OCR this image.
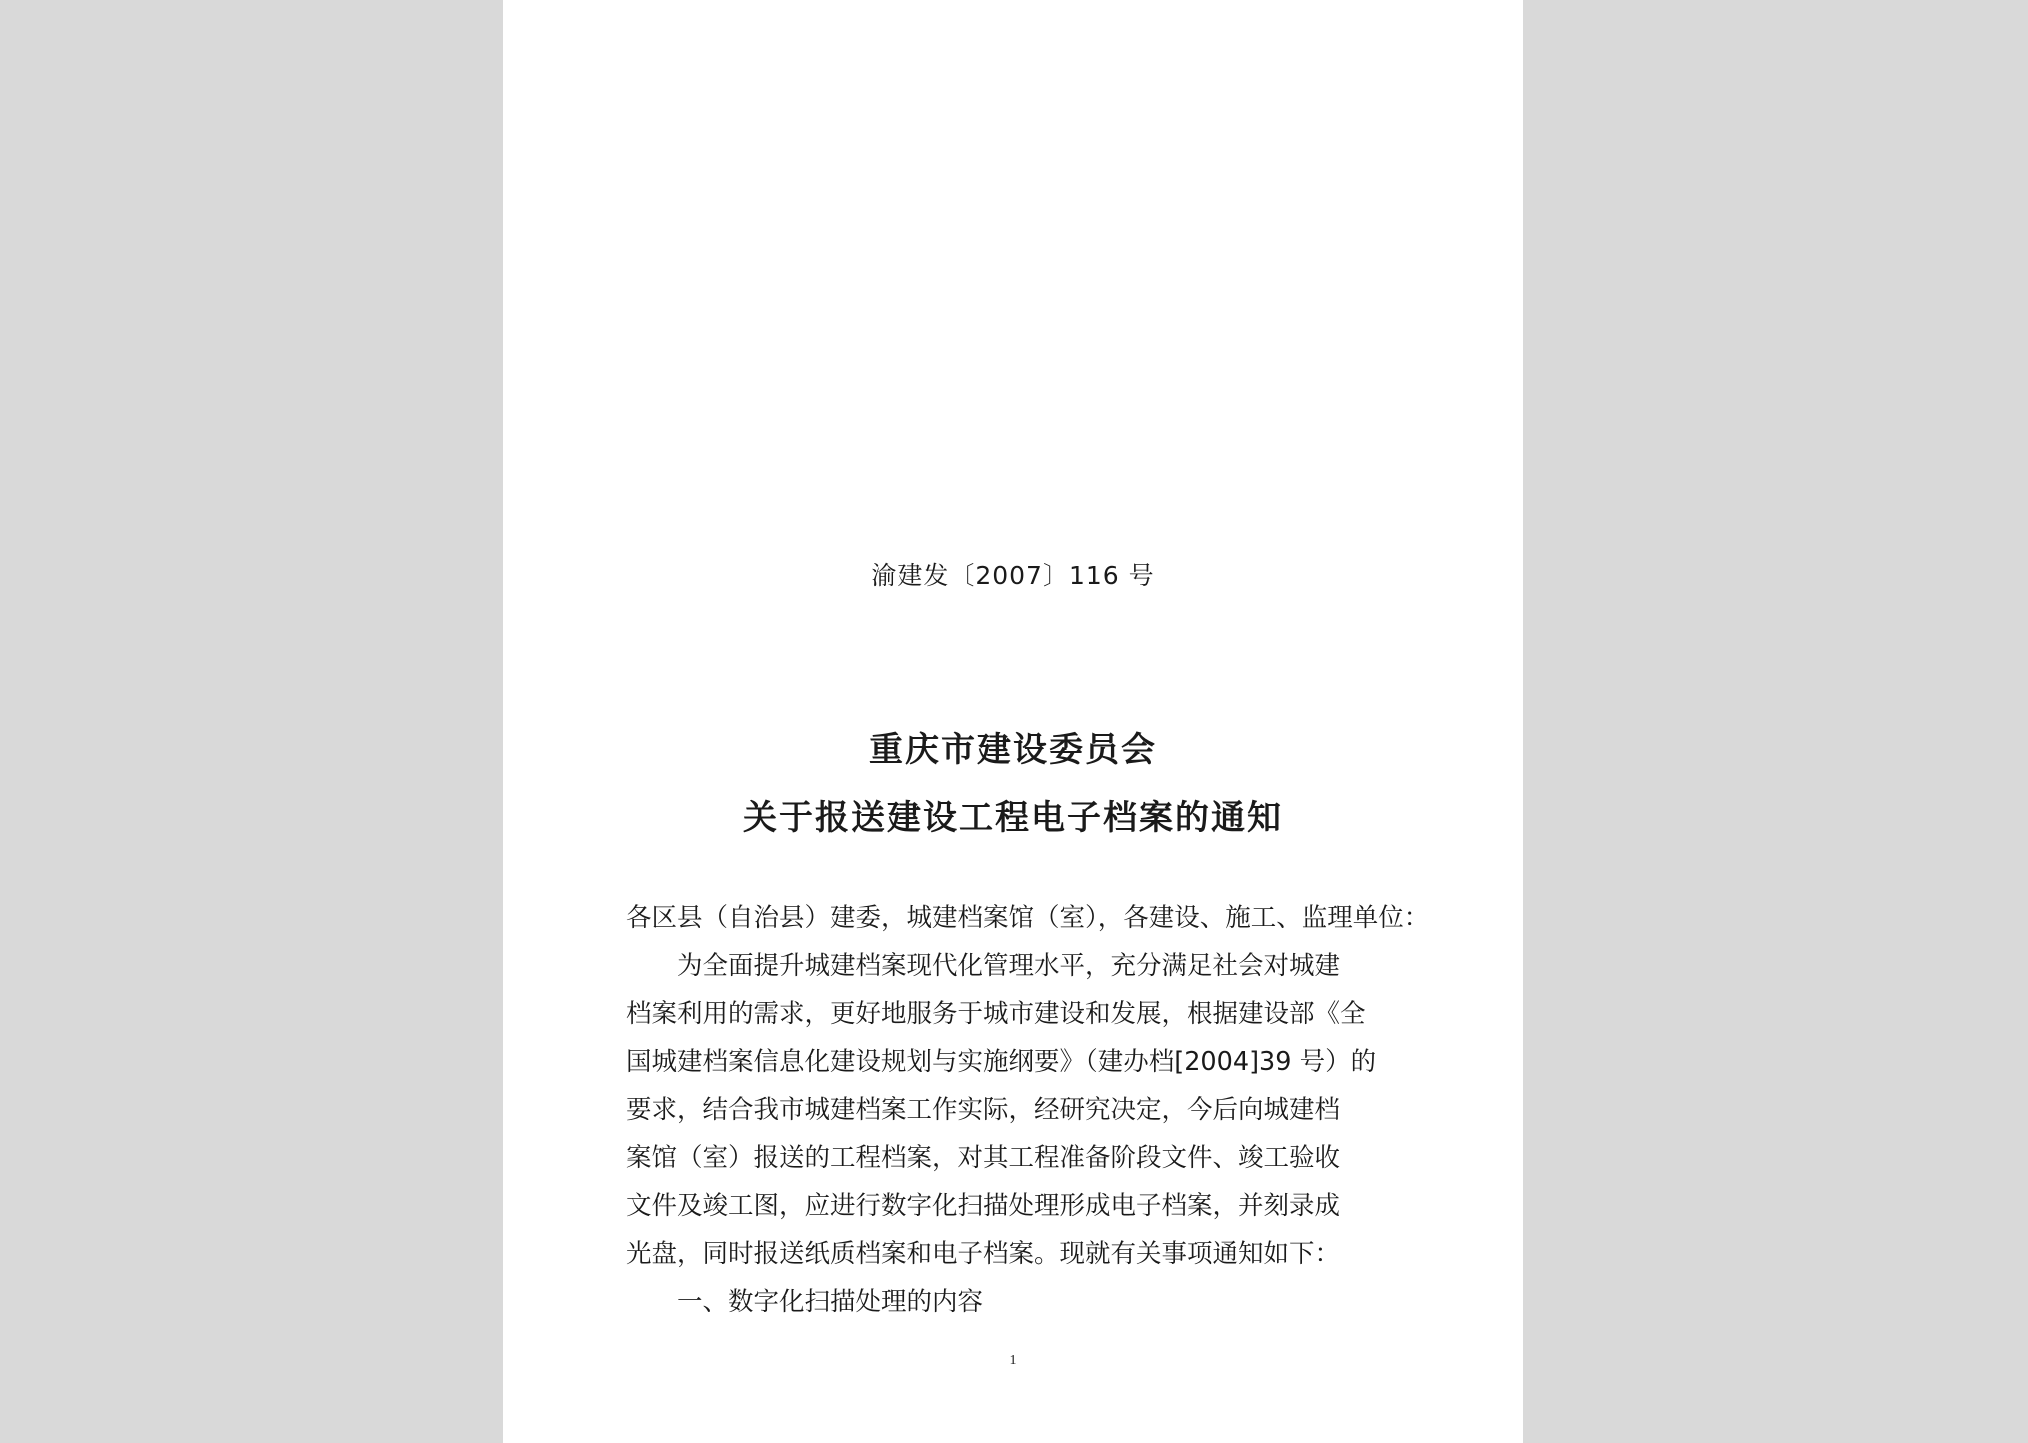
渝建发〔2007〕116 号
重庆市建设委员会
关于报送建设工程电子档案的通知

各区县（自治县）建委，城建档案馆（室），各建设、施工、监理单位：

为全面提升城建档案现代化管理水平，充分满足社会对城建

档案利用的需求，更好地服务于城市建设和发展，根据建设部《全

国城建档案信息化建设规划与实施纲要》（建办档[2004]39 号）的

要求，结合我市城建档案工作实际，经研究决定，今后向城建档

案馆（室）报送的工程档案，对其工程准备阶段文件、竣工验收

文件及竣工图，应进行数字化扫描处理形成电子档案，并刻录成

光盘，同时报送纸质档案和电子档案。现就有关事项通知如下：

一、数字化扫描处理的内容

1
